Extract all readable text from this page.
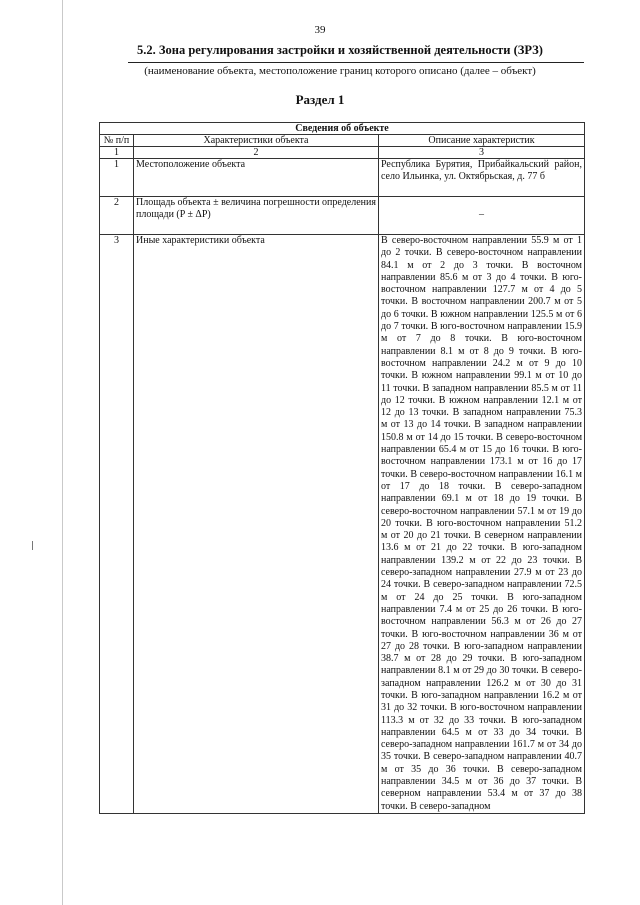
39
5.2. Зона регулирования застройки и хозяйственной деятельности (ЗРЗ)
(наименование объекта, местоположение границ которого описано (далее – объект)
Раздел 1
Сведения об объекте		
№ п/п	Характеристики объекта	Описание характеристик
1	2	3
1	Местоположение объекта	Республика Бурятия, Прибайкальский район, село Ильинка, ул. Октябрьская, д. 77 б
2	Площадь объекта ± величина погрешности определения площади (P ± ΔP)	–
3	Иные характеристики объекта	В северо-восточном направлении 55.9 м от 1 до 2 точки. В северо-восточном направлении 84.1 м от 2 до 3 точки. В восточном направлении 85.6 м от 3 до 4 точки. В юго-восточном направлении 127.7 м от 4 до 5 точки. В восточном направлении 200.7 м от 5 до 6 точки. В южном направлении 125.5 м от 6 до 7 точки. В юго-восточном направлении 15.9 м от 7 до 8 точки. В юго-восточном направлении 8.1 м от 8 до 9 точки. В юго-восточном направлении 24.2 м от 9 до 10 точки. В южном направлении 99.1 м от 10 до 11 точки. В западном направлении 85.5 м от 11 до 12 точки. В южном направлении 12.1 м от 12 до 13 точки. В западном направлении 75.3 м от 13 до 14 точки. В западном направлении 150.8 м от 14 до 15 точки. В северо-восточном направлении 65.4 м от 15 до 16 точки. В юго-восточном направлении 173.1 м от 16 до 17 точки. В северо-восточном направлении 16.1 м от 17 до 18 точки. В северо-западном направлении 69.1 м от 18 до 19 точки. В северо-восточном направлении 57.1 м от 19 до 20 точки. В юго-восточном направлении 51.2 м от 20 до 21 точки. В северном направлении 13.6 м от 21 до 22 точки. В юго-западном направлении 139.2 м от 22 до 23 точки. В северо-западном направлении 27.9 м от 23 до 24 точки. В северо-западном направлении 72.5 м от 24 до 25 точки. В юго-западном направлении 7.4 м от 25 до 26 точки. В юго-восточном направлении 56.3 м от 26 до 27 точки. В юго-восточном направлении 36 м от 27 до 28 точки. В юго-западном направлении 38.7 м от 28 до 29 точки. В юго-западном направлении 8.1 м от 29 до 30 точки. В северо-западном направлении 126.2 м от 30 до 31 точки. В юго-западном направлении 16.2 м от 31 до 32 точки. В юго-восточном направлении 113.3 м от 32 до 33 точки. В юго-западном направлении 64.5 м от 33 до 34 точки. В северо-западном направлении 161.7 м от 34 до 35 точки. В северо-западном направлении 40.7 м от 35 до 36 точки. В северо-западном направлении 34.5 м от 36 до 37 точки. В северном направлении 53.4 м от 37 до 38 точки. В северо-западном
